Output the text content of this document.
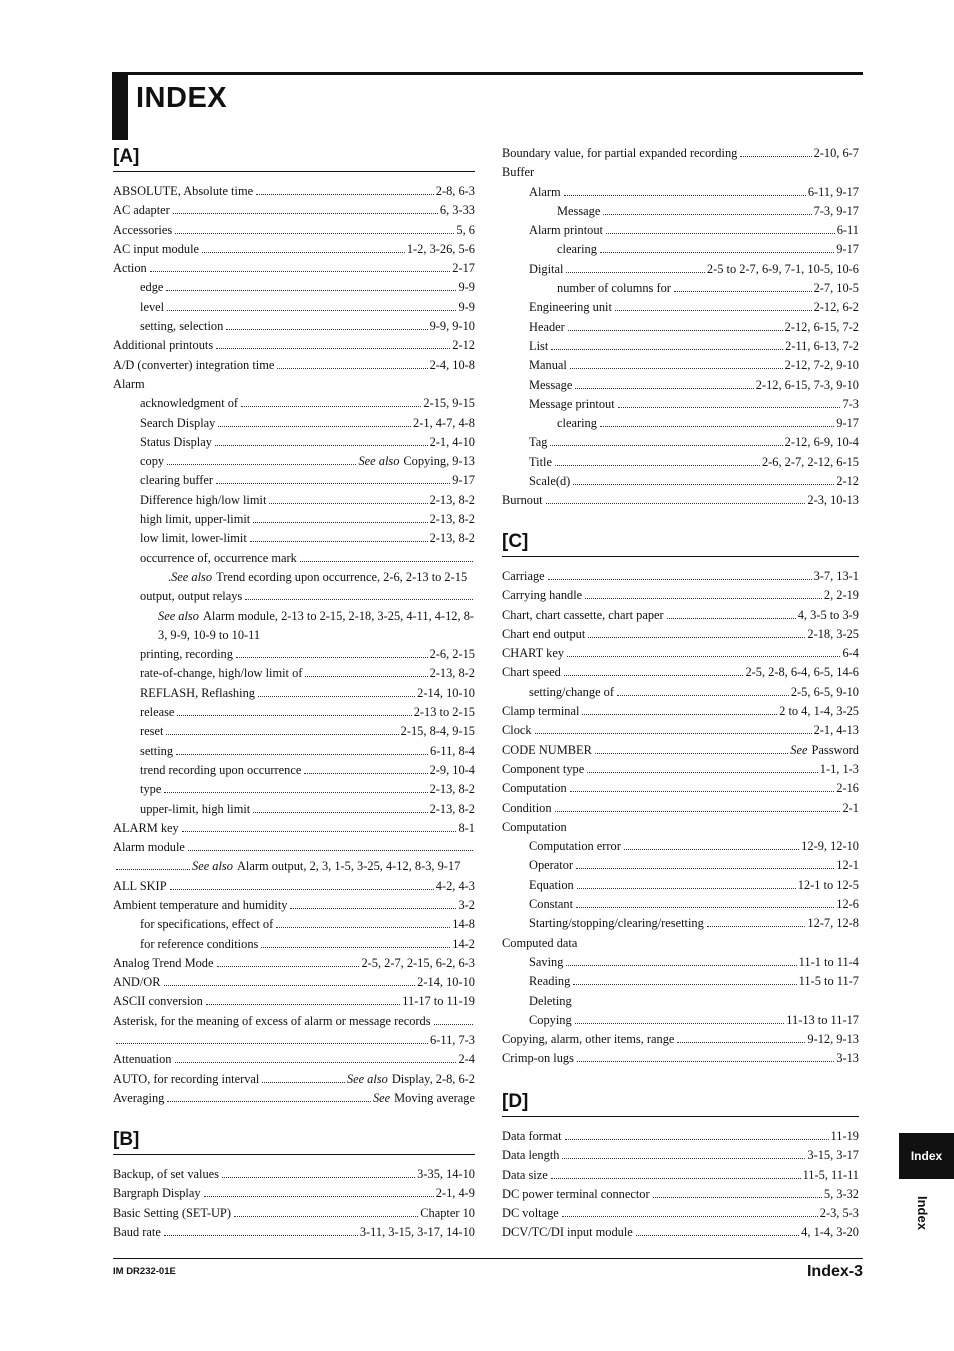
INDEX
[A]
ABSOLUTE, Absolute time	2-8, 6-3
AC adapter	6, 3-33
Accessories	5, 6
AC input module	1-2, 3-26, 5-6
Action	2-17
edge	9-9
level	9-9
setting, selection	9-9, 9-10
Additional printouts	2-12
A/D (converter) integration time	2-4, 10-8
Alarm
acknowledgment of	2-15, 9-15
Search Display	2-1, 4-7, 4-8
Status Display	2-1, 4-10
copy	See also Copying, 9-13
clearing buffer	9-17
Difference high/low limit	2-13, 8-2
high limit, upper-limit	2-13, 8-2
low limit, lower-limit	2-13, 8-2
occurrence of, occurrence mark
. See also Trend ecording upon occurrence, 2-6, 2-13 to 2-15
output, output relays
See also Alarm module, 2-13 to 2-15, 2-18, 3-25, 4-11, 4-12, 8-
3, 9-9, 10-9 to 10-11
printing, recording	2-6, 2-15
rate-of-change, high/low limit of	2-13, 8-2
REFLASH, Reflashing	2-14, 10-10
release	2-13 to 2-15
reset	2-15, 8-4, 9-15
setting	6-11, 8-4
trend recording upon occurrence	2-9, 10-4
type	2-13, 8-2
upper-limit, high limit	2-13, 8-2
ALARM key	8-1
Alarm module
See also Alarm output, 2, 3, 1-5, 3-25, 4-12, 8-3, 9-17
ALL SKIP	4-2, 4-3
Ambient temperature and humidity	3-2
for specifications, effect of	14-8
for reference conditions	14-2
Analog Trend Mode	2-5, 2-7, 2-15, 6-2, 6-3
AND/OR	2-14, 10-10
ASCII conversion	11-17 to 11-19
Asterisk, for the meaning of excess of alarm or message records
6-11, 7-3
Attenuation	2-4
AUTO, for recording interval	See also Display, 2-8, 6-2
Averaging	See Moving average
[B]
Backup, of set values	3-35, 14-10
Bargraph Display	2-1, 4-9
Basic Setting (SET-UP)	Chapter 10
Baud rate	3-11, 3-15, 3-17, 14-10
Boundary value, for partial expanded recording	2-10, 6-7
Buffer
Alarm	6-11, 9-17
Message	7-3, 9-17
Alarm printout	6-11
clearing	9-17
Digital	2-5 to 2-7, 6-9, 7-1, 10-5, 10-6
number of columns for	2-7, 10-5
Engineering unit	2-12, 6-2
Header	2-12, 6-15, 7-2
List	2-11, 6-13, 7-2
Manual	2-12, 7-2, 9-10
Message	2-12, 6-15, 7-3, 9-10
Message printout	7-3
clearing	9-17
Tag	2-12, 6-9, 10-4
Title	2-6, 2-7, 2-12, 6-15
Scale(d)	2-12
Burnout	2-3, 10-13
[C]
Carriage	3-7, 13-1
Carrying handle	2, 2-19
Chart, chart cassette, chart paper	4, 3-5 to 3-9
Chart end output	2-18, 3-25
CHART key	6-4
Chart speed	2-5, 2-8, 6-4, 6-5, 14-6
setting/change of	2-5, 6-5, 9-10
Clamp terminal	2 to 4, 1-4, 3-25
Clock	2-1, 4-13
CODE NUMBER	See Password
Component type	1-1, 1-3
Computation	2-16
Condition	2-1
Computation
Computation error	12-9, 12-10
Operator	12-1
Equation	12-1 to 12-5
Constant	12-6
Starting/stopping/clearing/resetting	12-7, 12-8
Computed data
Saving	11-1 to 11-4
Reading	11-5 to 11-7
Deleting
Copying	11-13 to 11-17
Copying, alarm, other items, range	9-12, 9-13
Crimp-on lugs	3-13
[D]
Data format	11-19
Data length	3-15, 3-17
Data size	11-5, 11-11
DC power terminal connector	5, 3-32
DC voltage	2-3, 5-3
DCV/TC/DI input module	4, 1-4, 3-20
IM DR232-01E	Index-3
Index
Index
